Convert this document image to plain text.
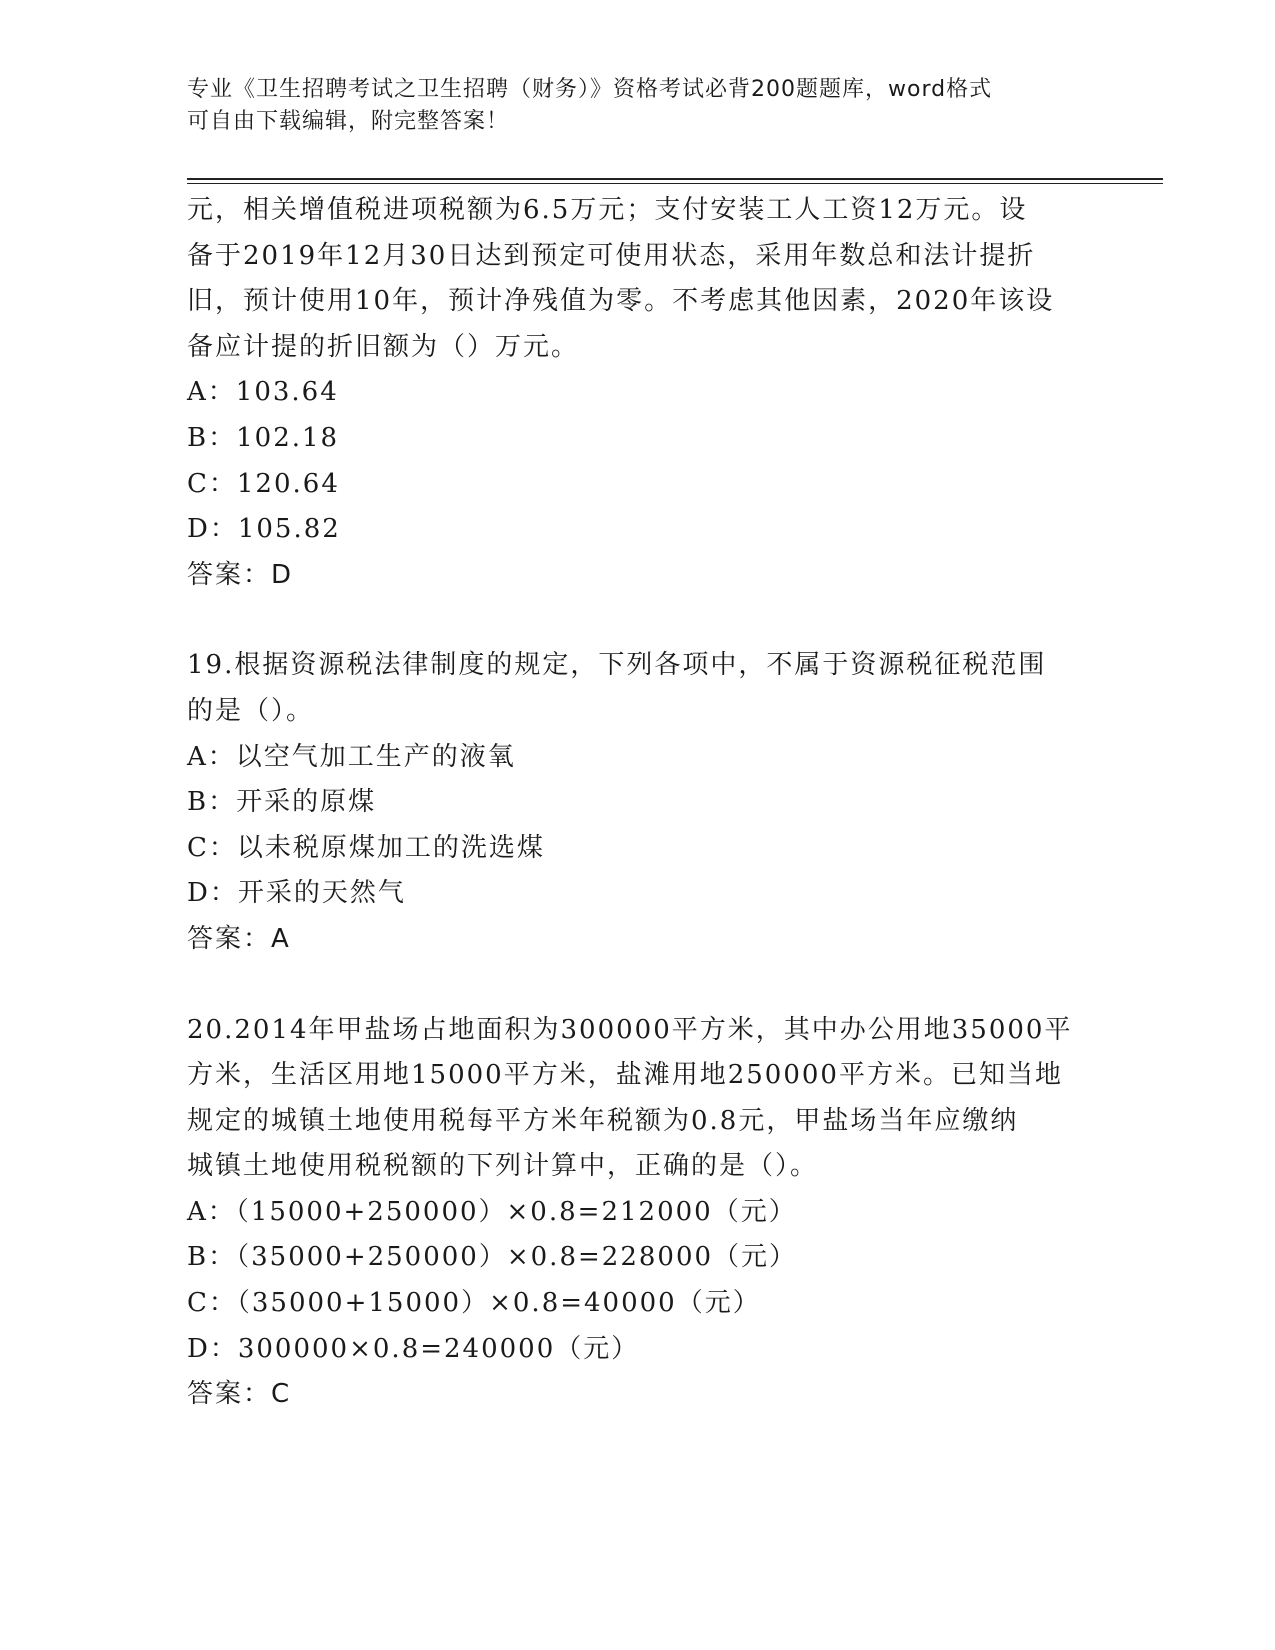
专业《卫生招聘考试之卫生招聘（财务）》资格考试必背200题题库，word格式
可自由下载编辑，附完整答案！
元，相关增值税进项税额为6.5万元；支付安装工人工资12万元。设
备于2019年12月30日达到预定可使用状态，采用年数总和法计提折
旧，预计使用10年，预计净残值为零。不考虑其他因素，2020年该设
备应计提的折旧额为（）万元。
A：103.64
B：102.18
C：120.64
D：105.82
答案：D
19.根据资源税法律制度的规定，下列各项中，不属于资源税征税范围
的是（）。
A：以空气加工生产的液氧
B：开采的原煤
C：以未税原煤加工的洗选煤
D：开采的天然气
答案：A
20.2014年甲盐场占地面积为300000平方米，其中办公用地35000平
方米，生活区用地15000平方米，盐滩用地250000平方米。已知当地
规定的城镇土地使用税每平方米年税额为0.8元，甲盐场当年应缴纳
城镇土地使用税税额的下列计算中，正确的是（）。
A：（15000+250000）×0.8=212000（元）
B：（35000+250000）×0.8=228000（元）
C：（35000+15000）×0.8=40000（元）
D：300000×0.8=240000（元）
答案：C
